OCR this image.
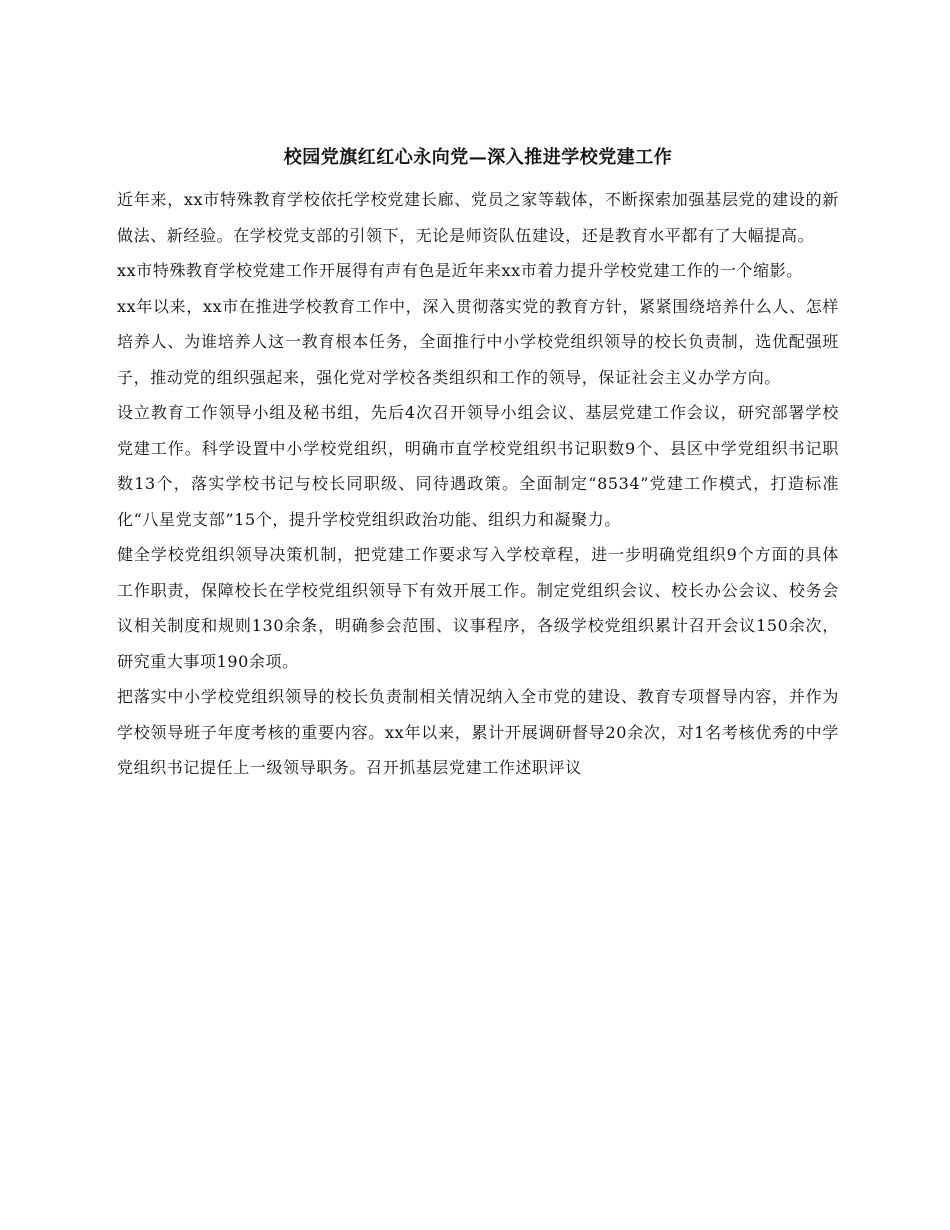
校园党旗红红心永向党—深入推进学校党建工作

近年来，xx市特殊教育学校依托学校党建长廊、党员之家等载体，不断探索加强基层党的建设的新做法、新经验。在学校党支部的引领下，无论是师资队伍建设，还是教育水平都有了大幅提高。

xx市特殊教育学校党建工作开展得有声有色是近年来xx市着力提升学校党建工作的一个缩影。

xx年以来，xx市在推进学校教育工作中，深入贯彻落实党的教育方针，紧紧围绕培养什么人、怎样培养人、为谁培养人这一教育根本任务，全面推行中小学校党组织领导的校长负责制，选优配强班子，推动党的组织强起来，强化党对学校各类组织和工作的领导，保证社会主义办学方向。

设立教育工作领导小组及秘书组，先后4次召开领导小组会议、基层党建工作会议，研究部署学校党建工作。科学设置中小学校党组织，明确市直学校党组织书记职数9个、县区中学党组织书记职数13个，落实学校书记与校长同职级、同待遇政策。全面制定“8534”党建工作模式，打造标准化“八星党支部”15个，提升学校党组织政治功能、组织力和凝聚力。

健全学校党组织领导决策机制，把党建工作要求写入学校章程，进一步明确党组织9个方面的具体工作职责，保障校长在学校党组织领导下有效开展工作。制定党组织会议、校长办公会议、校务会议相关制度和规则130余条，明确参会范围、议事程序，各级学校党组织累计召开会议150余次，研究重大事项190余项。

把落实中小学校党组织领导的校长负责制相关情况纳入全市党的建设、教育专项督导内容，并作为学校领导班子年度考核的重要内容。xx年以来，累计开展调研督导20余次，对1名考核优秀的中学党组织书记提任上一级领导职务。召开抓基层党建工作述职评议
